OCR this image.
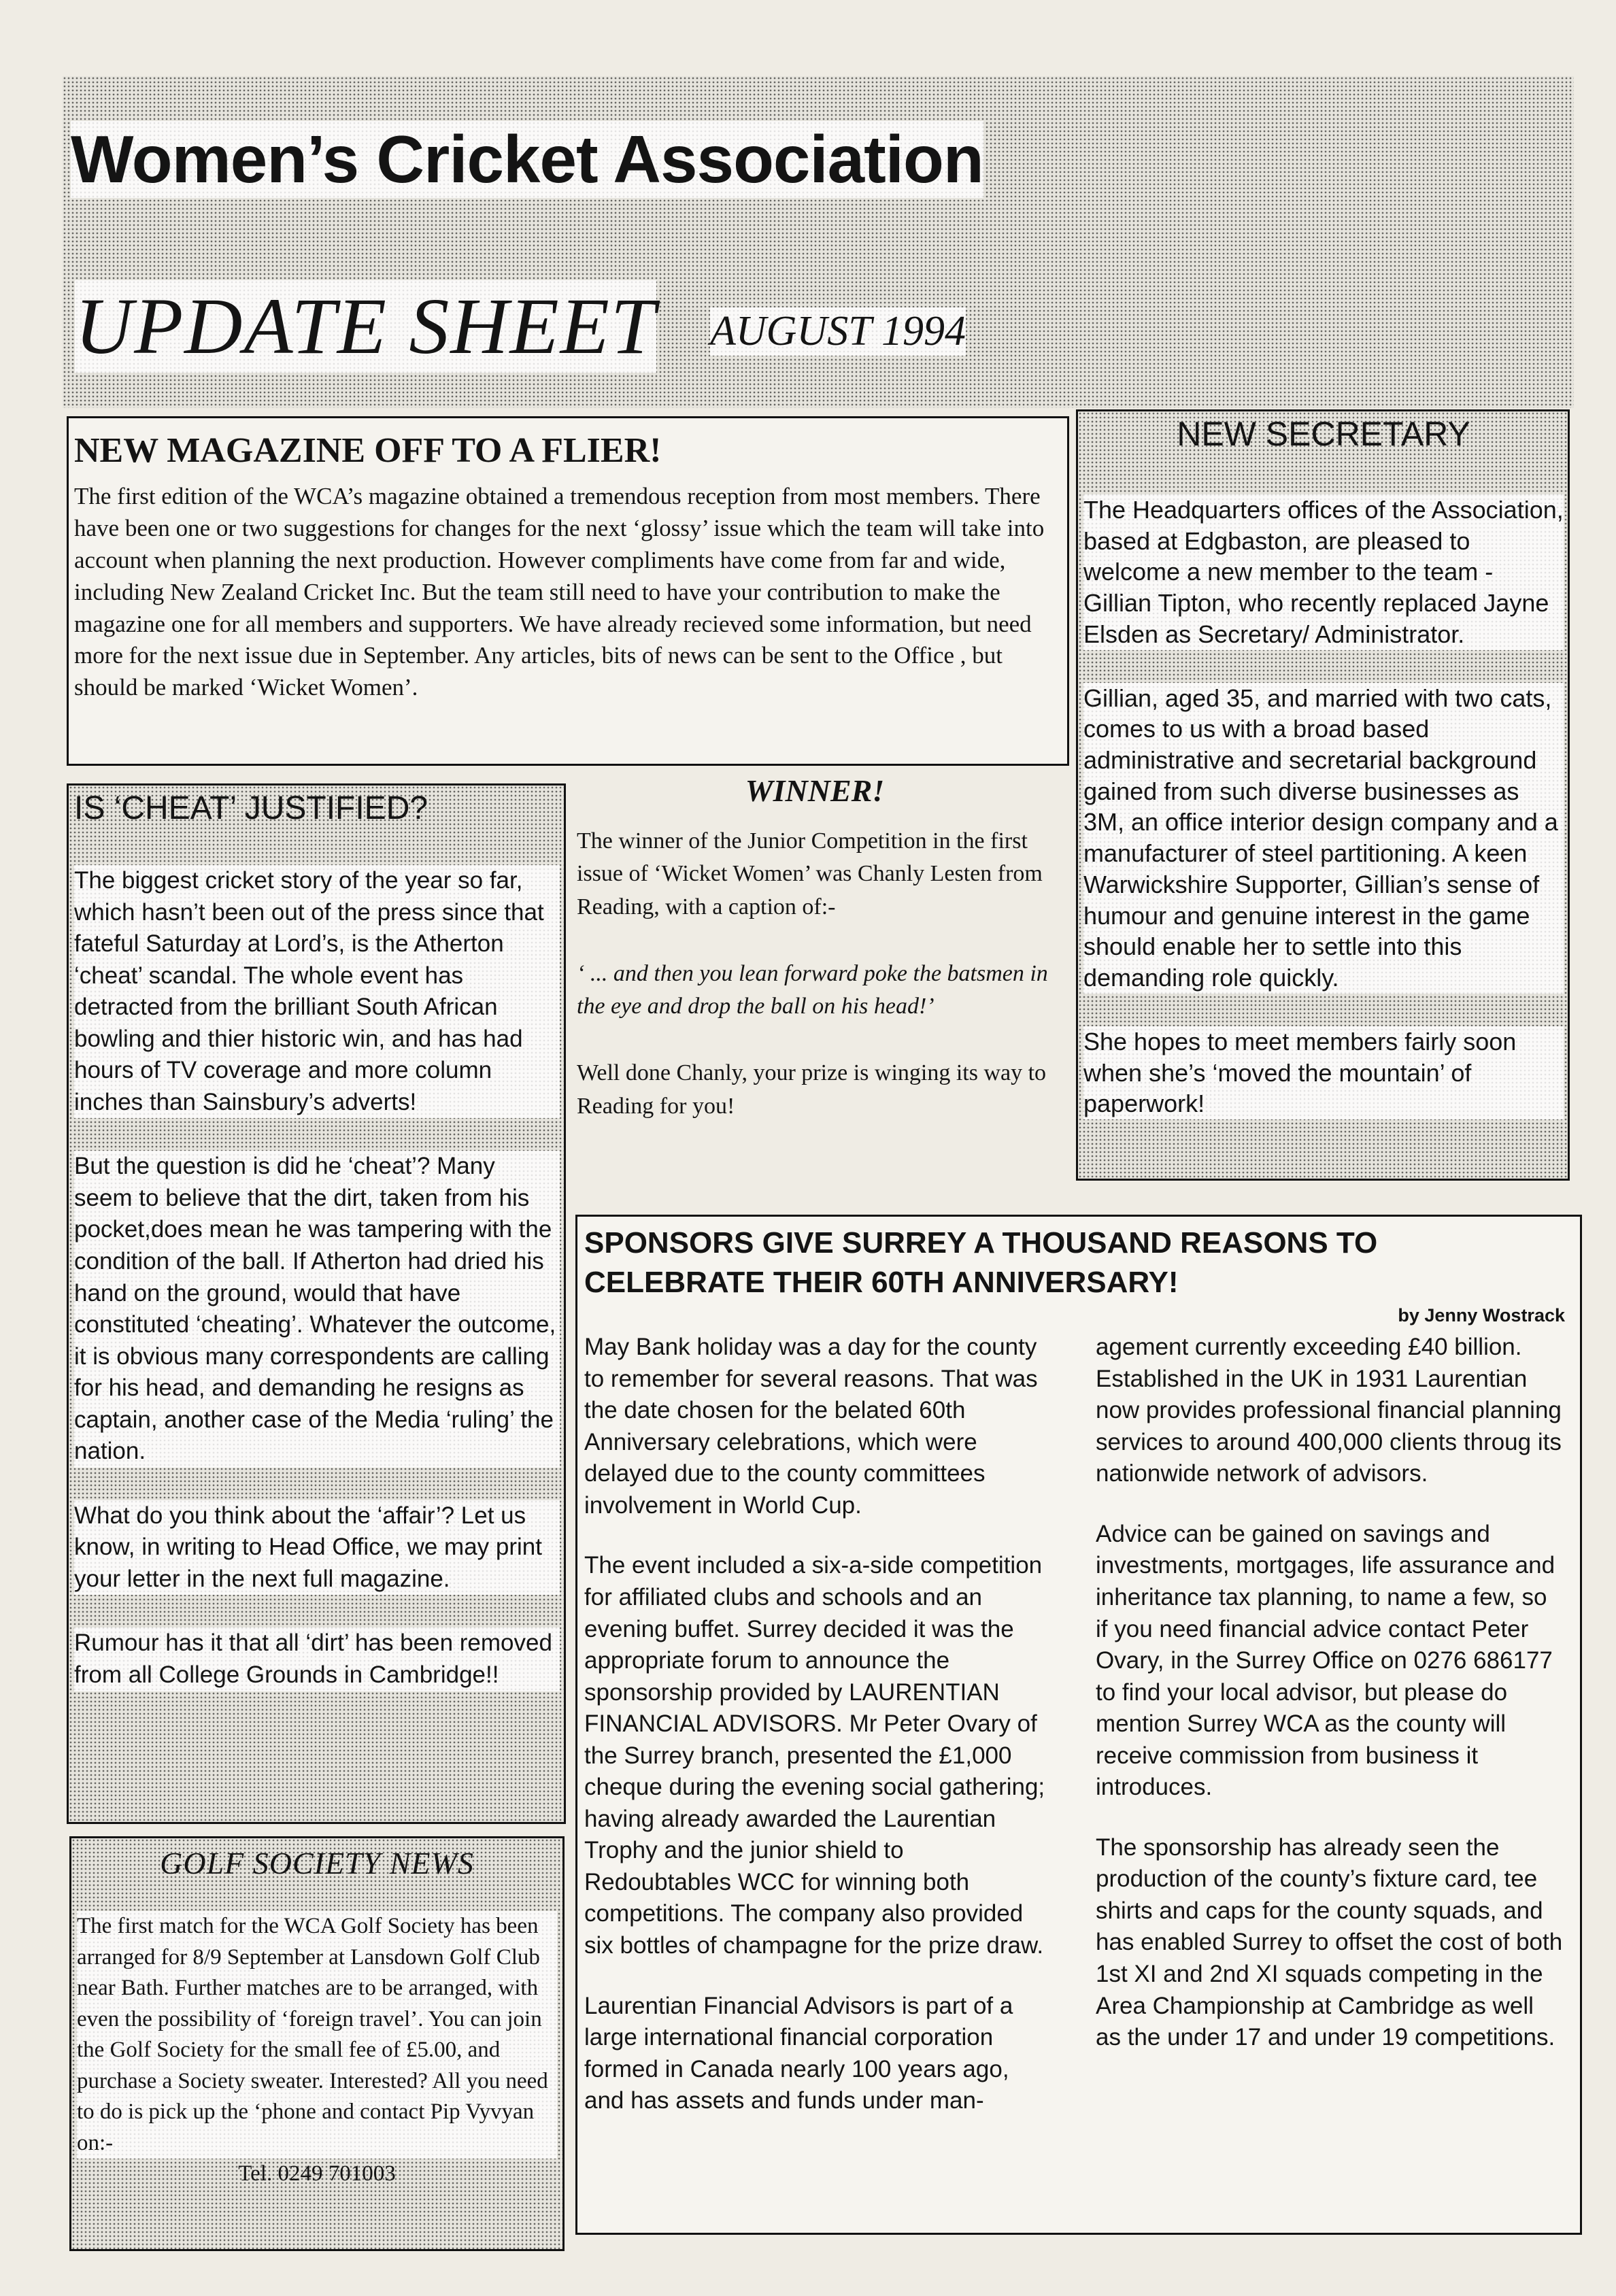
Women’s Cricket Association
UPDATE SHEET AUGUST 1994
NEW MAGAZINE OFF TO A FLIER!

The first edition of the WCA’s magazine obtained a tremendous reception from most members. There have been one or two suggestions for changes for the next ‘glossy’ issue which the team will take into account when planning the next production. However compliments have come from far and wide, including New Zealand Cricket Inc. But the team still need to have your contribution to make the magazine one for all members and supporters. We have already recieved some information, but need more for the next issue due in September. Any articles, bits of news can be sent to the Office , but should be marked ‘Wicket Women’.

NEW SECRETARY

The Headquarters offices of the Association, based at Edgbaston, are pleased to welcome a new member to the team - Gillian Tipton, who recently replaced Jayne Elsden as Secretary/ Administrator.

Gillian, aged 35, and married with two cats, comes to us with a broad based administrative and secretarial background gained from such diverse businesses as 3M, an office interior design company and a manufacturer of steel partitioning. A keen Warwickshire Supporter, Gillian’s sense of humour and genuine interest in the game should enable her to settle into this demanding role quickly.

She hopes to meet members fairly soon when she’s ‘moved the mountain’ of paperwork!

IS ‘CHEAT’ JUSTIFIED?

The biggest cricket story of the year so far, which hasn’t been out of the press since that fateful Saturday at Lord’s, is the Atherton ‘cheat’ scandal. The whole event has detracted from the brilliant South African bowling and thier historic win, and has had hours of TV coverage and more column inches than Sainsbury’s adverts!

But the question is did he ‘cheat’? Many seem to believe that the dirt, taken from his pocket,does mean he was tampering with the condition of the ball. If Atherton had dried his hand on the ground, would that have constituted ‘cheating’. Whatever the outcome, it is obvious many correspondents are calling for his head, and demanding he resigns as captain, another case of the Media ‘ruling’ the nation.

What do you think about the ‘affair’? Let us know, in writing to Head Office, we may print your letter in the next full magazine.

Rumour has it that all ‘dirt’ has been removed from all College Grounds in Cambridge!!

WINNER!

The winner of the Junior Competition in the first issue of ‘Wicket Women’ was Chanly Lesten from Reading, with a caption of:-

‘ ... and then you lean forward poke the batsmen in the eye and drop the ball on his head!’

Well done Chanly, your prize is winging its way to Reading for you!

GOLF SOCIETY NEWS

The first match for the WCA Golf Society has been arranged for 8/9 September at Lansdown Golf Club near Bath. Further matches are to be arranged, with even the possibility of ‘foreign travel’. You can join the Golf Society for the small fee of £5.00, and purchase a Society sweater. Interested? All you need to do is pick up the ‘phone and contact Pip Vyvyan on:-

Tel. 0249 701003
SPONSORS GIVE SURREY A THOUSAND REASONS TO CELEBRATE THEIR 60TH ANNIVERSARY!
by Jenny Wostrack

May Bank holiday was a day for the county to remember for several reasons. That was the date chosen for the belated 60th Anniversary celebrations, which were delayed due to the county committees involvement in World Cup.

The event included a six-a-side competition for affiliated clubs and schools and an evening buffet. Surrey decided it was the appropriate forum to announce the sponsorship provided by LAURENTIAN FINANCIAL ADVISORS. Mr Peter Ovary of the Surrey branch, presented the £1,000 cheque during the evening social gathering; having already awarded the Laurentian Trophy and the junior shield to Redoubtables WCC for winning both competitions. The company also provided six bottles of champagne for the prize draw.

Laurentian Financial Advisors is part of a large international financial corporation formed in Canada nearly 100 years ago, and has assets and funds under man-

agement currently exceeding £40 billion. Established in the UK in 1931 Laurentian now provides professional financial planning services to around 400,000 clients throug its nationwide network of advisors.

Advice can be gained on savings and investments, mortgages, life assurance and inheritance tax planning, to name a few, so if you need financial advice contact Peter Ovary, in the Surrey Office on 0276 686177 to find your local advisor, but please do mention Surrey WCA as the county will receive commission from business it introduces.

The sponsorship has already seen the production of the county’s fixture card, tee shirts and caps for the county squads, and has enabled Surrey to offset the cost of both 1st XI and 2nd XI squads competing in the Area Championship at Cambridge as well as the under 17 and under 19 competitions.
